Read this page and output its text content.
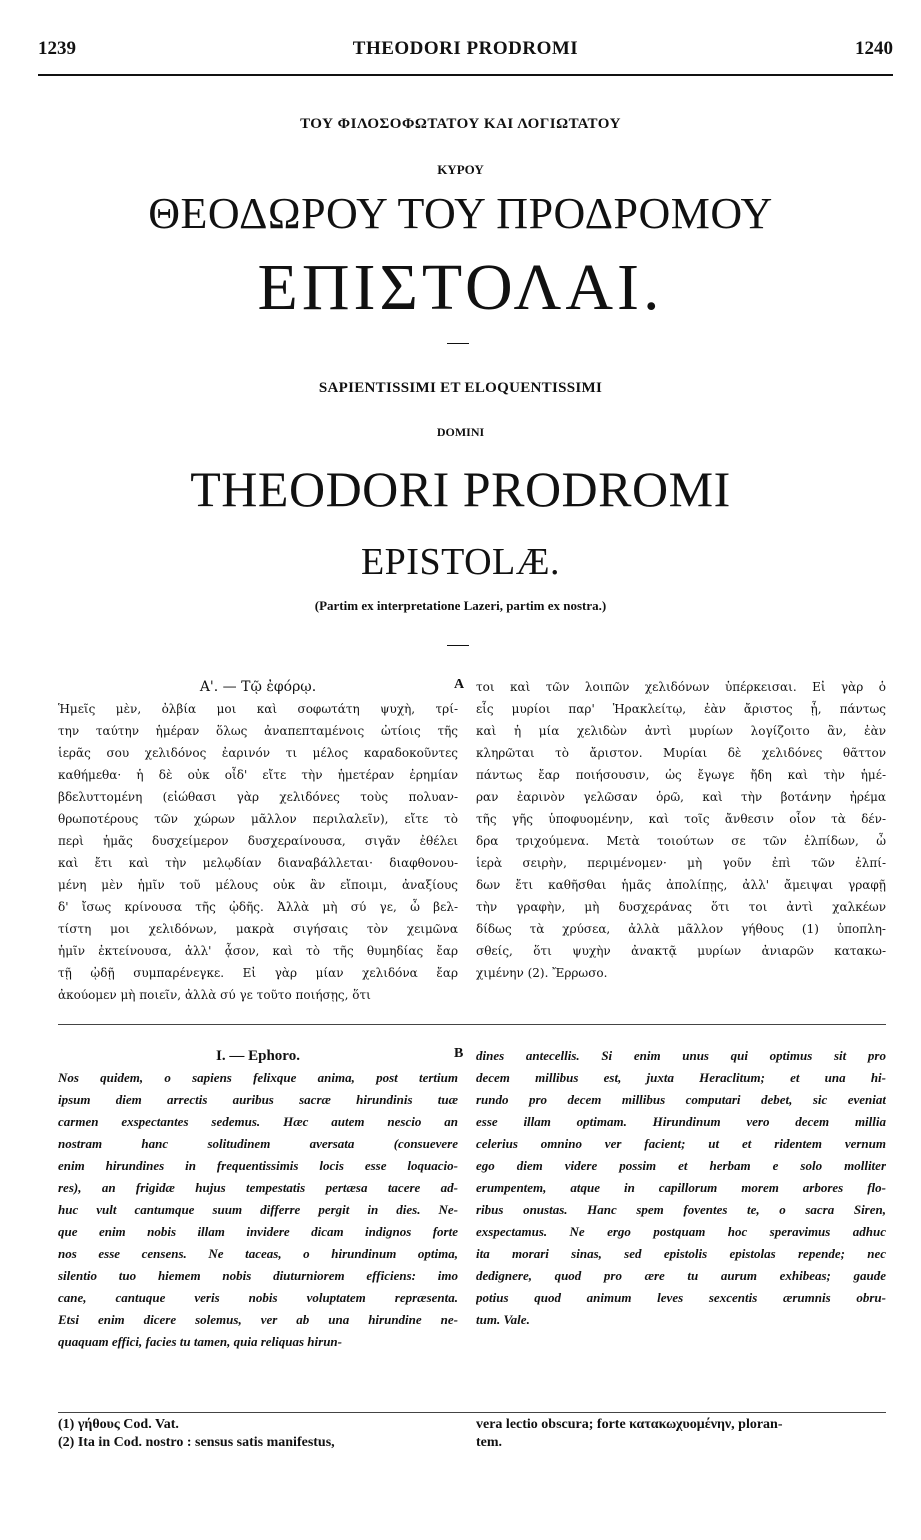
1239	THEODORI PRODROMI	1240
ΤΟΥ ΦΙΛΟΣΟΦΩΤΑΤΟΥ ΚΑΙ ΛΟΓΙΩΤΑΤΟΥ
ΚΥΡΟΥ
ΘΕΟΔΩΡΟΥ ΤΟΥ ΠΡΟΔΡΟΜΟΥ
ΕΠΙΣΤΟΛΑΙ.
SAPIENTISSIMI ET ELOQUENTISSIMI
DOMINI
THEODORI PRODROMI
EPISTOLÆ.
(Partim ex interpretatione Lazeri, partim ex nostra.)
A
B
Α'. — Τῷ ἐφόρῳ.
Ἡμεῖς μὲν, ὀλβία μοι καὶ σοφωτάτη ψυχὴ, τρί-
την ταύτην ἡμέραν ὅλως ἀναπεπταμένοις ὠτίοις τῆς
ἱερᾶς σου χελιδόνος ἐαρινόν τι μέλος καραδοκοῦντες
καθήμεθα· ἡ δὲ οὐκ οἶδ' εἴτε τὴν ἡμετέραν ἐρημίαν
βδελυττομένη (εἰώθασι γὰρ χελιδόνες τοὺς πολυαν-
θρωποτέρους τῶν χώρων μᾶλλον περιλαλεῖν), εἴτε τὸ
περὶ ἡμᾶς δυσχείμερον δυσχεραίνουσα, σιγᾶν ἐθέλει
καὶ ἔτι καὶ τὴν μελῳδίαν διαναβάλλεται· διαφθονου-
μένη μὲν ἡμῖν τοῦ μέλους οὐκ ἂν εἴποιμι, ἀναξίους
δ' ἴσως κρίνουσα τῆς ᾠδῆς. Ἀλλὰ μὴ σύ γε, ὦ βελ-
τίστη μοι χελιδόνων, μακρὰ σιγήσαις τὸν χειμῶνα
ἡμῖν ἐκτείνουσα, ἀλλ' ᾆσον, καὶ τὸ τῆς θυμηδίας ἔαρ
τῇ ᾠδῇ συμπαρένεγκε. Εἰ γὰρ μίαν χελιδόνα ἔαρ
ἀκούομεν μὴ ποιεῖν, ἀλλὰ σύ γε τοῦτο ποιήσῃς, ὅτι
τοι καὶ τῶν λοιπῶν χελιδόνων ὑπέρκεισαι. Εἰ γὰρ ὁ
εἷς μυρίοι παρ' Ἡρακλείτῳ, ἐὰν ἄριστος ᾖ, πάντως
καὶ ἡ μία χελιδὼν ἀντὶ μυρίων λογίζοιτο ἂν, ἐὰν
κληρῶται τὸ ἄριστον. Μυρίαι δὲ χελιδόνες θᾶττον
πάντως ἔαρ ποιήσουσιν, ὡς ἔγωγε ἤδη καὶ τὴν ἡμέ-
ραν ἐαρινὸν γελῶσαν ὁρῶ, καὶ τὴν βοτάνην ἠρέμα
τῆς γῆς ὑποφυομένην, καὶ τοῖς ἄνθεσιν οἷον τὰ δέν-
δρα τριχούμενα. Μετὰ τοιούτων σε τῶν ἐλπίδων, ὦ
ἱερὰ σειρὴν, περιμένομεν· μὴ γοῦν ἐπὶ τῶν ἐλπί-
δων ἔτι καθῆσθαι ἡμᾶς ἀπολίπῃς, ἀλλ' ἄμειψαι γραφῇ
τὴν γραφὴν, μὴ δυσχεράνας ὅτι τοι ἀντὶ χαλκέων
δίδως τὰ χρύσεα, ἀλλὰ μᾶλλον γήθους (1) ὑποπλη-
σθείς, ὅτι ψυχὴν ἀνακτᾷ μυρίων ἀνιαρῶν κατακω-
χιμένην (2). Ἔρρωσο.
I. — Ephoro.
Nos quidem, o sapiens felixque anima, post tertium
ipsum diem arrectis auribus sacræ hirundinis tuæ
carmen exspectantes sedemus. Hæc autem nescio an
nostram hanc solitudinem aversata (consuevere
enim hirundines in frequentissimis locis esse loquacio-
res), an frigidæ hujus tempestatis pertæsa tacere ad-
huc vult cantumque suum differre pergit in dies. Ne-
que enim nobis illam invidere dicam indignos forte
nos esse censens. Ne taceas, o hirundinum optima,
silentio tuo hiemem nobis diuturniorem efficiens: imo
cane, cantuque veris nobis voluptatem repræsenta.
Etsi enim dicere solemus, ver ab una hirundine ne-
quaquam effici, facies tu tamen, quia reliquas hirun-
dines antecellis. Si enim unus qui optimus sit pro
decem millibus est, juxta Heraclitum; et una hi-
rundo pro decem millibus computari debet, sic eveniat
esse illam optimam. Hirundinum vero decem millia
celerius omnino ver facient; ut et ridentem vernum
ego diem videre possim et herbam e solo molliter
erumpentem, atque in capillorum morem arbores flo-
ribus onustas. Hanc spem foventes te, o sacra Siren,
exspectamus. Ne ergo postquam hoc speravimus adhuc
ita morari sinas, sed epistolis epistolas repende; nec
dedignere, quod pro ære tu aurum exhibeas; gaude
potius quod animum leves sexcentis ærumnis obru-
tum. Vale.
(1) γήθους Cod. Vat.
(2) Ita in Cod. nostro : sensus satis manifestus,
vera lectio obscura; forte κατακωχυομένην, ploran-
tem.
